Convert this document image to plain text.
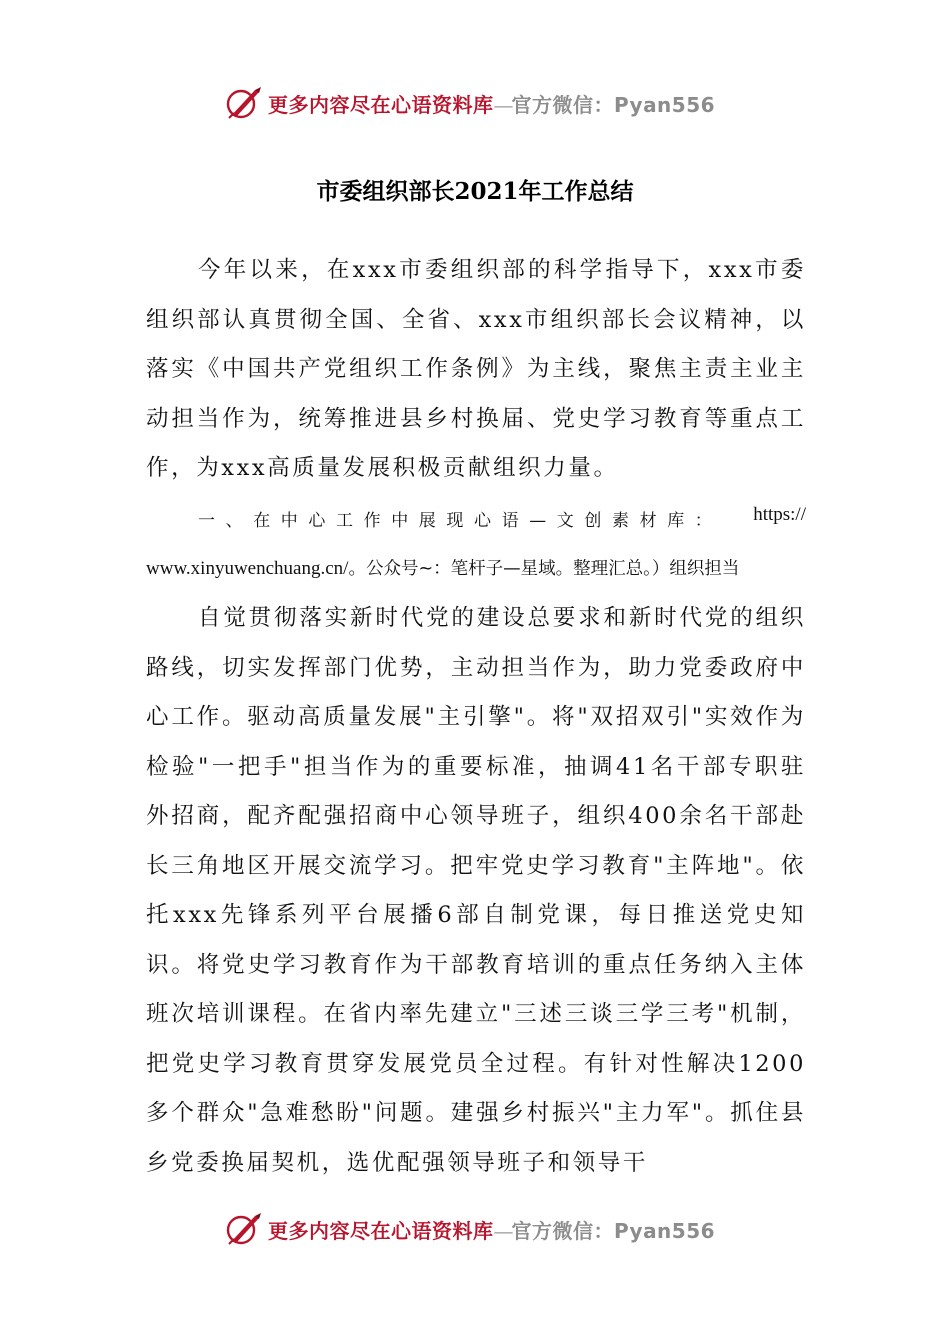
更多内容尽在心语资料库—官方微信：Pyan556
市委组织部长2021年工作总结
今年以来，在xxx市委组织部的科学指导下，xxx市委组织部认真贯彻全国、全省、xxx市组织部长会议精神，以落实《中国共产党组织工作条例》为主线，聚焦主责主业主动担当作为，统筹推进县乡村换届、党史学习教育等重点工作，为xxx高质量发展积极贡献组织力量。
一、在中心工作中展现心语—文创素材库： https://
www.xinyuwenchuang.cn/。公众号~：笔杆子—星域。整理汇总。）组织担当
自觉贯彻落实新时代党的建设总要求和新时代党的组织路线，切实发挥部门优势，主动担当作为，助力党委政府中心工作。驱动高质量发展"主引擎"。将"双招双引"实效作为检验"一把手"担当作为的重要标准，抽调41名干部专职驻外招商，配齐配强招商中心领导班子，组织400余名干部赴长三角地区开展交流学习。把牢党史学习教育"主阵地"。依托xxx先锋系列平台展播6部自制党课，每日推送党史知识。将党史学习教育作为干部教育培训的重点任务纳入主体班次培训课程。在省内率先建立"三述三谈三学三考"机制，把党史学习教育贯穿发展党员全过程。有针对性解决1200多个群众"急难愁盼"问题。建强乡村振兴"主力军"。抓住县乡党委换届契机，选优配强领导班子和领导干
更多内容尽在心语资料库—官方微信：Pyan556
